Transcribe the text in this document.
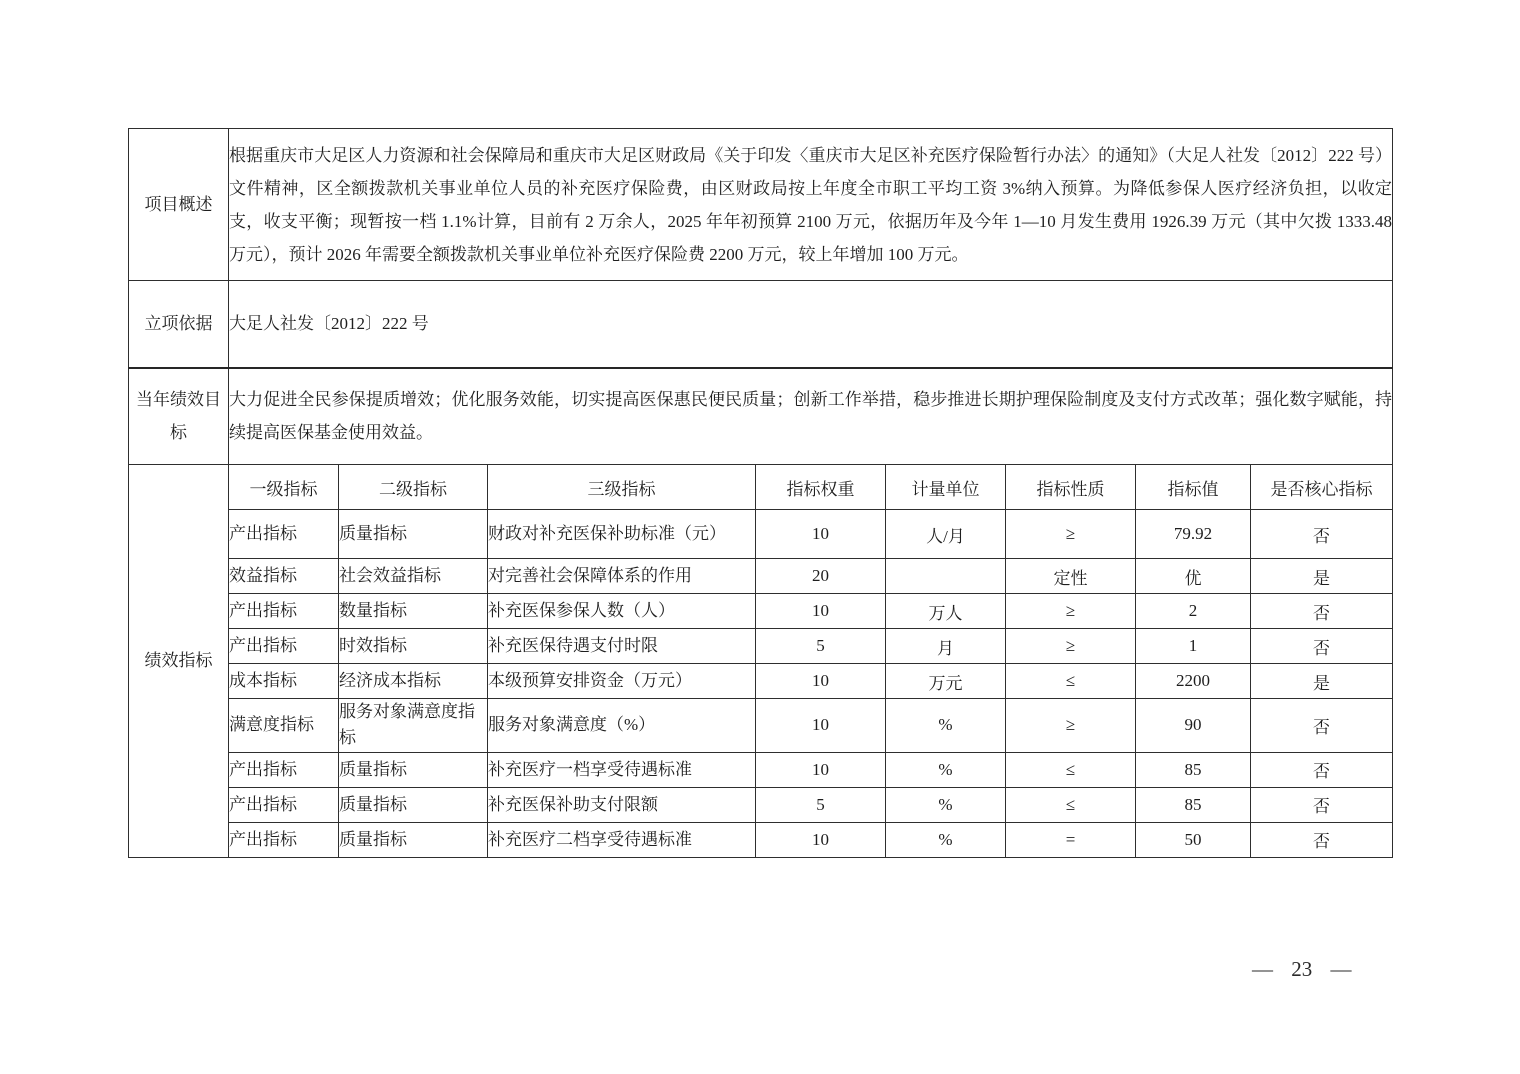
项目概述	根据重庆市大足区人力资源和社会保障局和重庆市大足区财政局《关于印发〈重庆市大足区补充医疗保险暂行办法〉的通知》（大足人社发〔2012〕222 号）文件精神，区全额拨款机关事业单位人员的补充医疗保险费，由区财政局按上年度全市职工平均工资 3%纳入预算。为降低参保人医疗经济负担，以收定支，收支平衡；现暂按一档 1.1%计算，目前有 2 万余人，2025 年年初预算 2100 万元，依据历年及今年 1—10 月发生费用 1926.39 万元（其中欠拨 1333.48 万元），预计 2026 年需要全额拨款机关事业单位补充医疗保险费 2200 万元，较上年增加 100 万元。							
立项依据	大足人社发〔2012〕222 号							
当年绩效目标	大力促进全民参保提质增效；优化服务效能，切实提高医保惠民便民质量；创新工作举措，稳步推进长期护理保险制度及支付方式改革；强化数字赋能，持续提高医保基金使用效益。							
绩效指标	一级指标	二级指标	三级指标	指标权重	计量单位	指标性质	指标值	是否核心指标
	产出指标	质量指标	财政对补充医保补助标准（元）	10	人/月	≥	79.92	否
	效益指标	社会效益指标	对完善社会保障体系的作用	20		定性	优	是
	产出指标	数量指标	补充医保参保人数（人）	10	万人	≥	2	否
	产出指标	时效指标	补充医保待遇支付时限	5	月	≥	1	否
	成本指标	经济成本指标	本级预算安排资金（万元）	10	万元	≤	2200	是
	满意度指标	服务对象满意度指标	服务对象满意度（%）	10	%	≥	90	否
	产出指标	质量指标	补充医疗一档享受待遇标准	10	%	≤	85	否
	产出指标	质量指标	补充医保补助支付限额	5	%	≤	85	否
	产出指标	质量指标	补充医疗二档享受待遇标准	10	%	=	50	否
— 23 —
